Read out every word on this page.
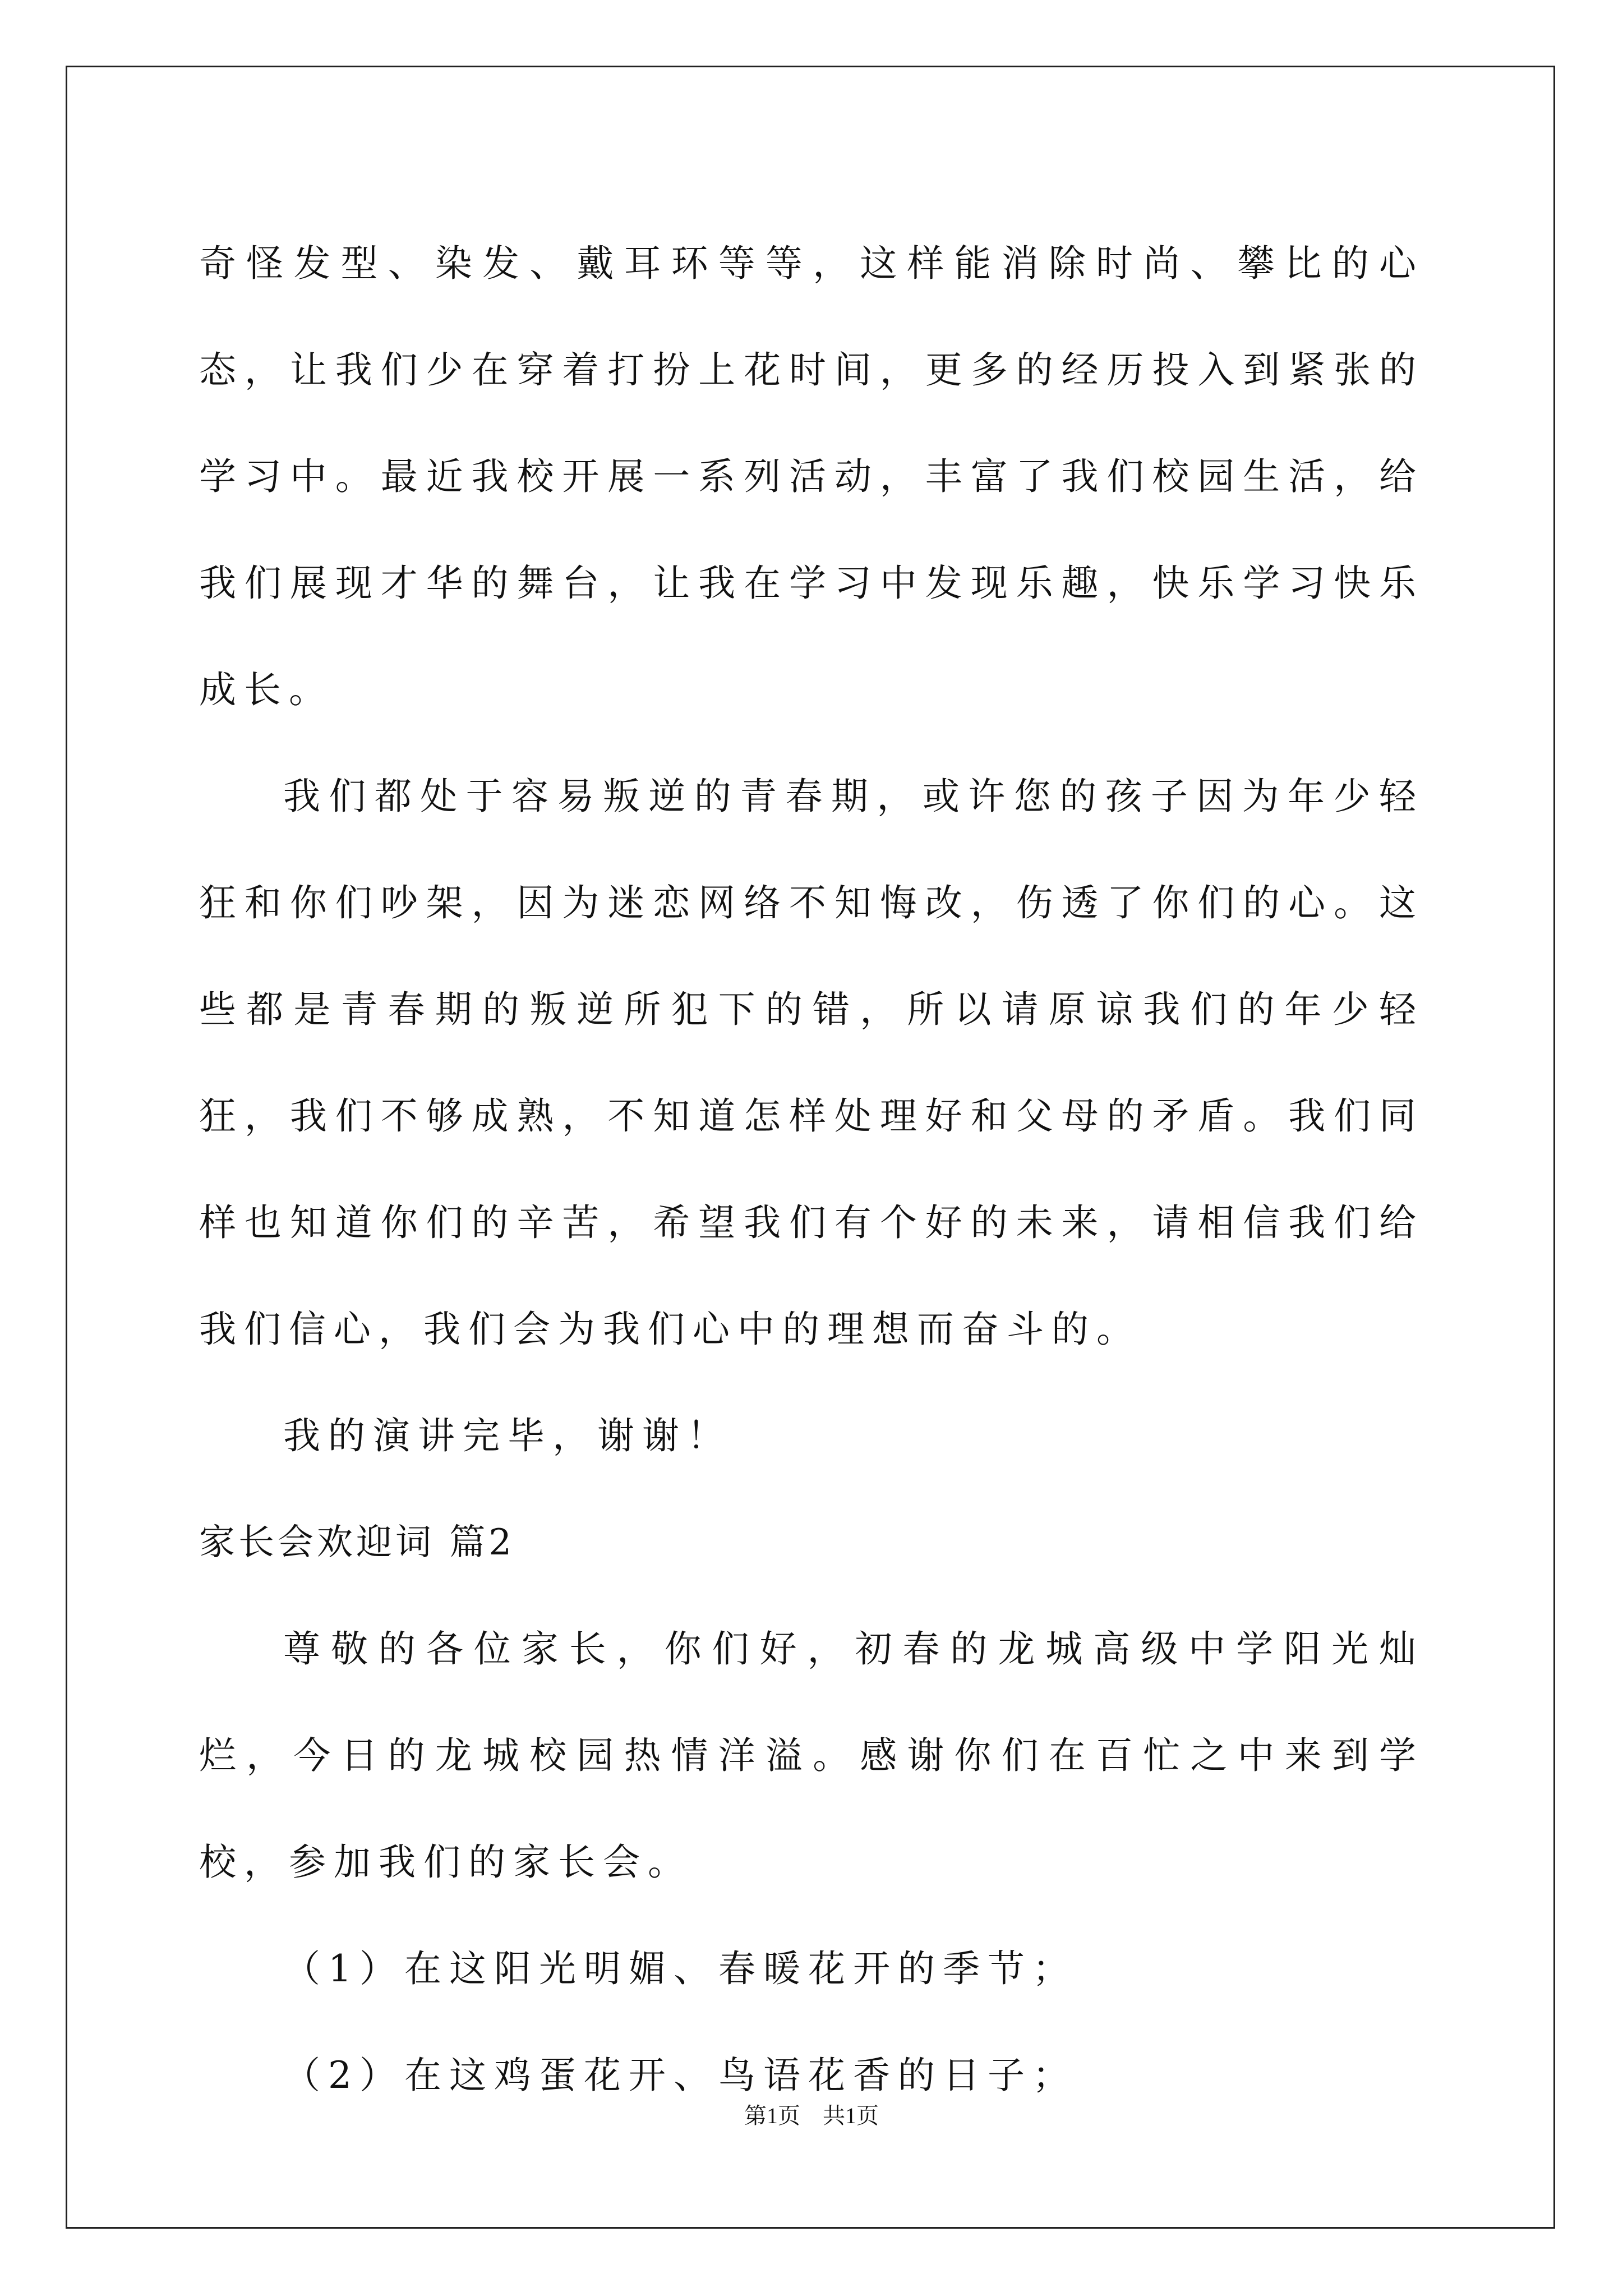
奇怪发型、染发、戴耳环等等，这样能消除时尚、攀比的心态，让我们少在穿着打扮上花时间，更多的经历投入到紧张的学习中。最近我校开展一系列活动，丰富了我们校园生活，给我们展现才华的舞台，让我在学习中发现乐趣，快乐学习快乐成长。

我们都处于容易叛逆的青春期，或许您的孩子因为年少轻狂和你们吵架，因为迷恋网络不知悔改，伤透了你们的心。这些都是青春期的叛逆所犯下的错，所以请原谅我们的年少轻狂，我们不够成熟，不知道怎样处理好和父母的矛盾。我们同样也知道你们的辛苦，希望我们有个好的未来，请相信我们给我们信心，我们会为我们心中的理想而奋斗的。

我的演讲完毕，谢谢！

家长会欢迎词 篇2

尊敬的各位家长，你们好，初春的龙城高级中学阳光灿烂，今日的龙城校园热情洋溢。感谢你们在百忙之中来到学校，参加我们的家长会。

（1）在这阳光明媚、春暖花开的季节；

（2）在这鸡蛋花开、鸟语花香的日子；

第1页　共1页
